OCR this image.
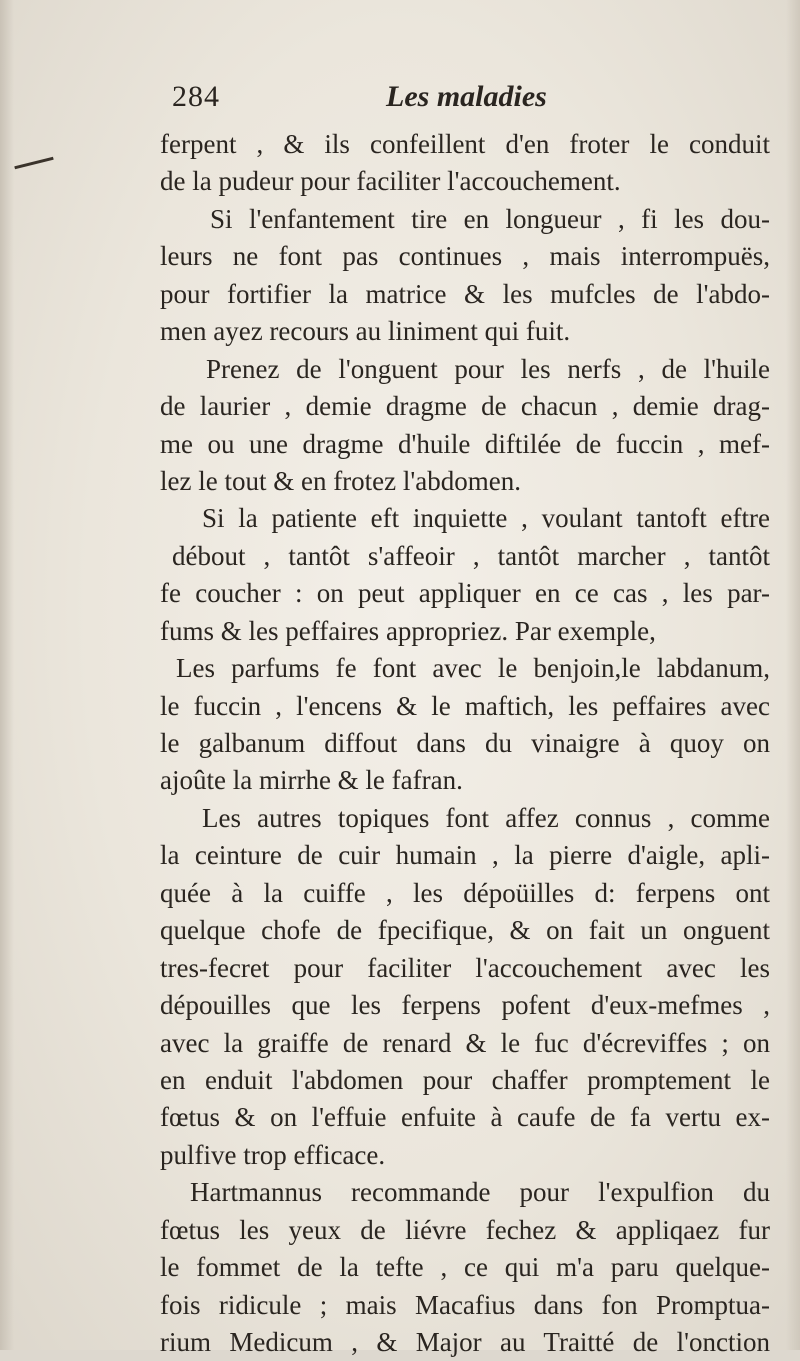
284	Les maladies
ferpent , & ils confeillent d'en froter le conduit
de la pudeur pour faciliter l'accouchement.
Si l'enfantement tire en longueur , fi les dou-
leurs ne font pas continues , mais interrompuës,
pour fortifier la matrice & les mufcles de l'abdo-
men ayez recours au liniment qui fuit.
Prenez de l'onguent pour les nerfs , de l'huile
de laurier , demie dragme de chacun , demie drag-
me ou une dragme d'huile diftilée de fuccin , mef-
lez le tout & en frotez l'abdomen.
Si la patiente eft inquiette , voulant tantoft eftre
débout , tantôt s'affeoir , tantôt marcher , tantôt
fe coucher : on peut appliquer en ce cas , les par-
fums & les peffaires appropriez. Par exemple,
Les parfums fe font avec le benjoin,le labdanum,
le fuccin , l'encens & le maftich, les peffaires avec
le galbanum diffout dans du vinaigre à quoy on
ajoûte la mirrhe & le fafran.
Les autres topiques font affez connus , comme
la ceinture de cuir humain , la pierre d'aigle, apli-
quée à la cuiffe , les dépoüilles d: ferpens ont
quelque chofe de fpecifique, & on fait un onguent
tres-fecret pour faciliter l'accouchement avec les
dépouilles que les ferpens pofent d'eux-mefmes ,
avec la graiffe de renard & le fuc d'écreviffes ; on
en enduit l'abdomen pour chaffer promptement le
fœtus & on l'effuie enfuite à caufe de fa vertu ex-
pulfive trop efficace.
Hartmannus recommande pour l'expulfion du
fœtus les yeux de liévre fechez & appliqaez fur
le fommet de la tefte , ce qui m'a paru quelque-
fois ridicule ; mais Macafius dans fon Promptua-
rium Medicum , & Major au Traitté de l'onction
